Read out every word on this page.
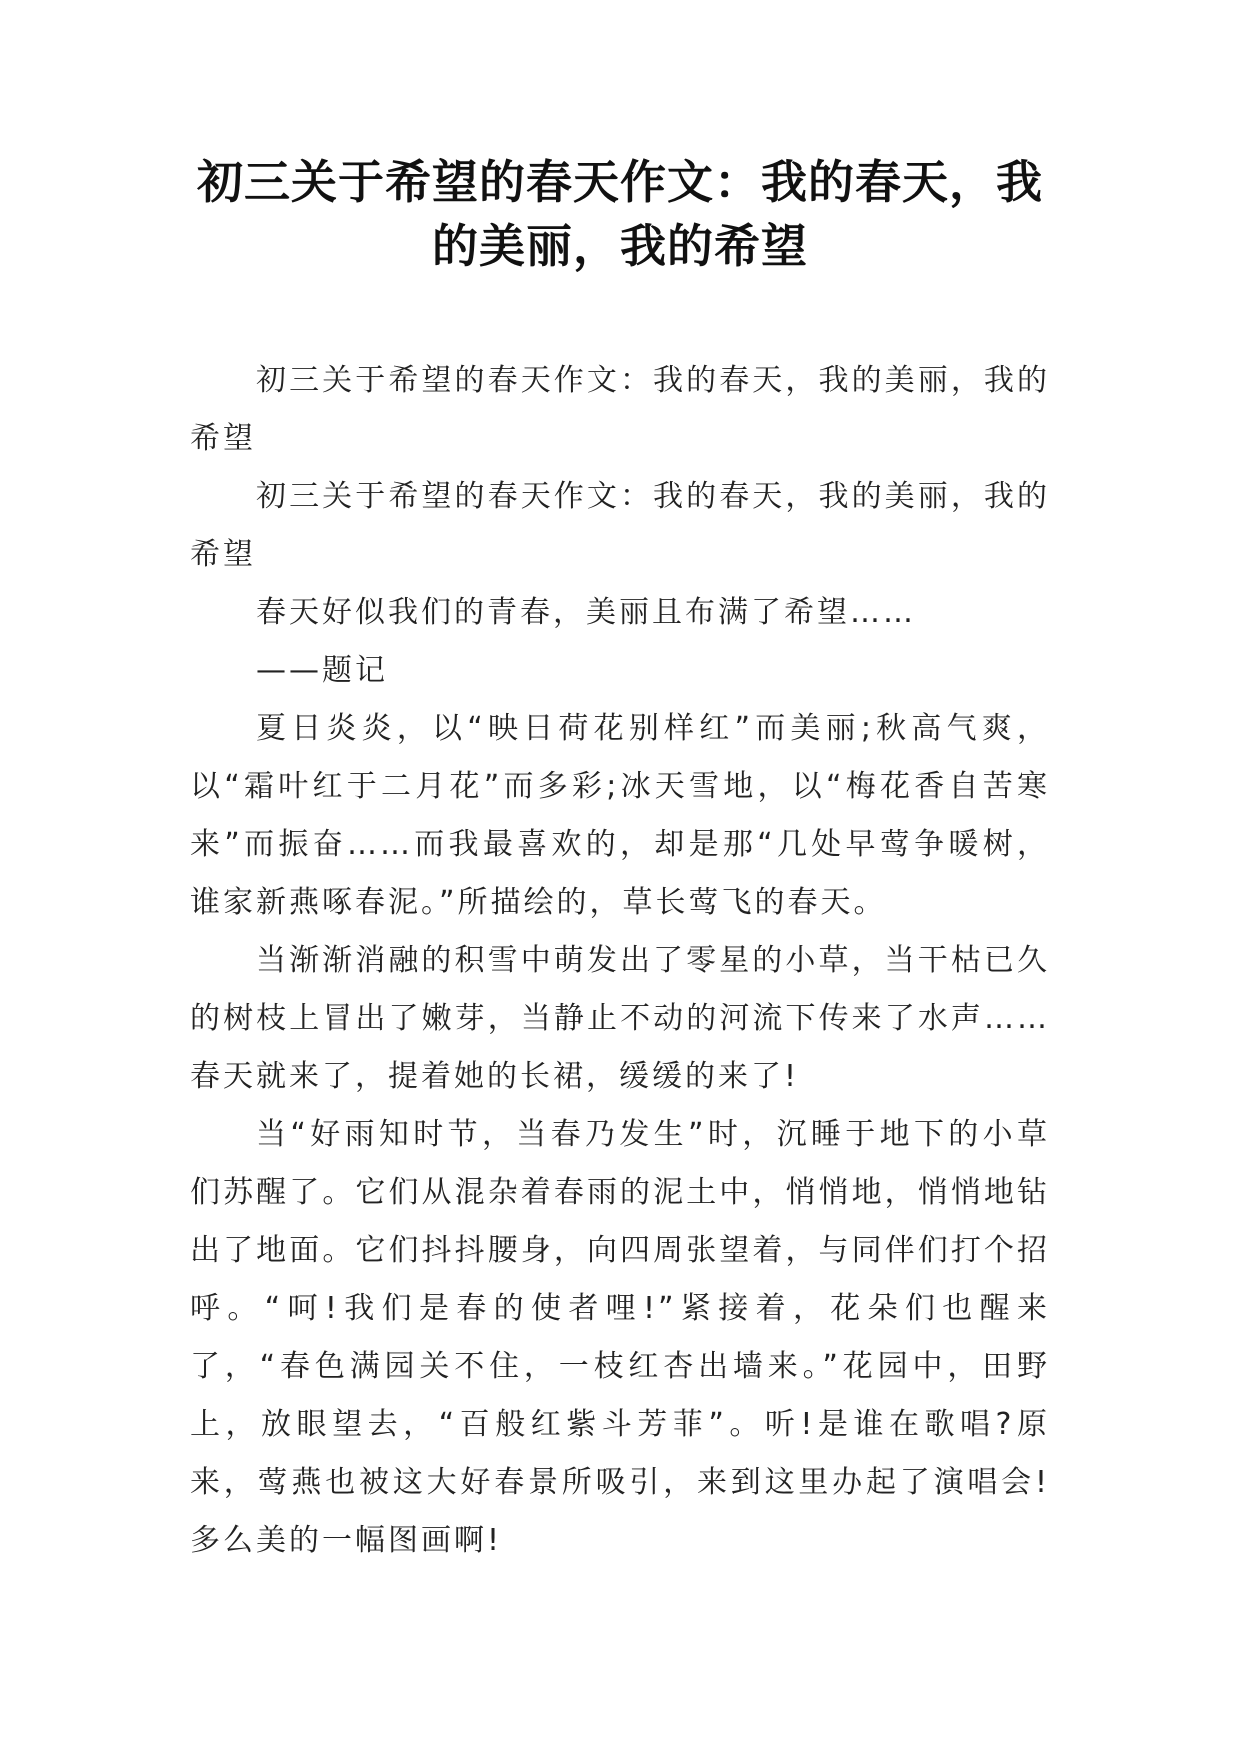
初三关于希望的春天作文：我的春天，我的美丽，我的希望

初三关于希望的春天作文：我的春天，我的美丽，我的希望

初三关于希望的春天作文：我的春天，我的美丽，我的希望

春天好似我们的青春，美丽且布满了希望……

——题记

夏日炎炎，以“映日荷花别样红”而美丽;秋高气爽，以“霜叶红于二月花”而多彩;冰天雪地，以“梅花香自苦寒来”而振奋……而我最喜欢的，却是那“几处早莺争暖树，谁家新燕啄春泥。”所描绘的，草长莺飞的春天。

当渐渐消融的积雪中萌发出了零星的小草，当干枯已久的树枝上冒出了嫩芽，当静止不动的河流下传来了水声……春天就来了，提着她的长裙，缓缓的来了!

当“好雨知时节，当春乃发生”时，沉睡于地下的小草们苏醒了。它们从混杂着春雨的泥土中，悄悄地，悄悄地钻出了地面。它们抖抖腰身，向四周张望着，与同伴们打个招呼。“呵!我们是春的使者哩!”紧接着，花朵们也醒来了，“春色满园关不住，一枝红杏出墙来。”花园中，田野上，放眼望去，“百般红紫斗芳菲”。听!是谁在歌唱?原来，莺燕也被这大好春景所吸引，来到这里办起了演唱会!多么美的一幅图画啊!
